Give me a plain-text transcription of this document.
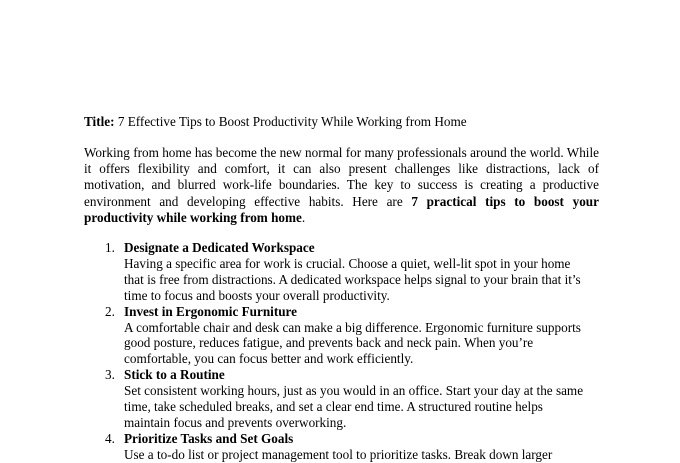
Title: 7 Effective Tips to Boost Productivity While Working from Home

Working from home has become the new normal for many professionals around the world. While it offers flexibility and comfort, it can also present challenges like distractions, lack of motivation, and blurred work-life boundaries. The key to success is creating a productive environment and developing effective habits. Here are 7 practical tips to boost your productivity while working from home.

1. Designate a Dedicated Workspace
Having a specific area for work is crucial. Choose a quiet, well-lit spot in your home that is free from distractions. A dedicated workspace helps signal to your brain that it’s time to focus and boosts your overall productivity.
2. Invest in Ergonomic Furniture
A comfortable chair and desk can make a big difference. Ergonomic furniture supports good posture, reduces fatigue, and prevents back and neck pain. When you’re comfortable, you can focus better and work efficiently.
3. Stick to a Routine
Set consistent working hours, just as you would in an office. Start your day at the same time, take scheduled breaks, and set a clear end time. A structured routine helps maintain focus and prevents overworking.
4. Prioritize Tasks and Set Goals
Use a to-do list or project management tool to prioritize tasks. Break down larger
